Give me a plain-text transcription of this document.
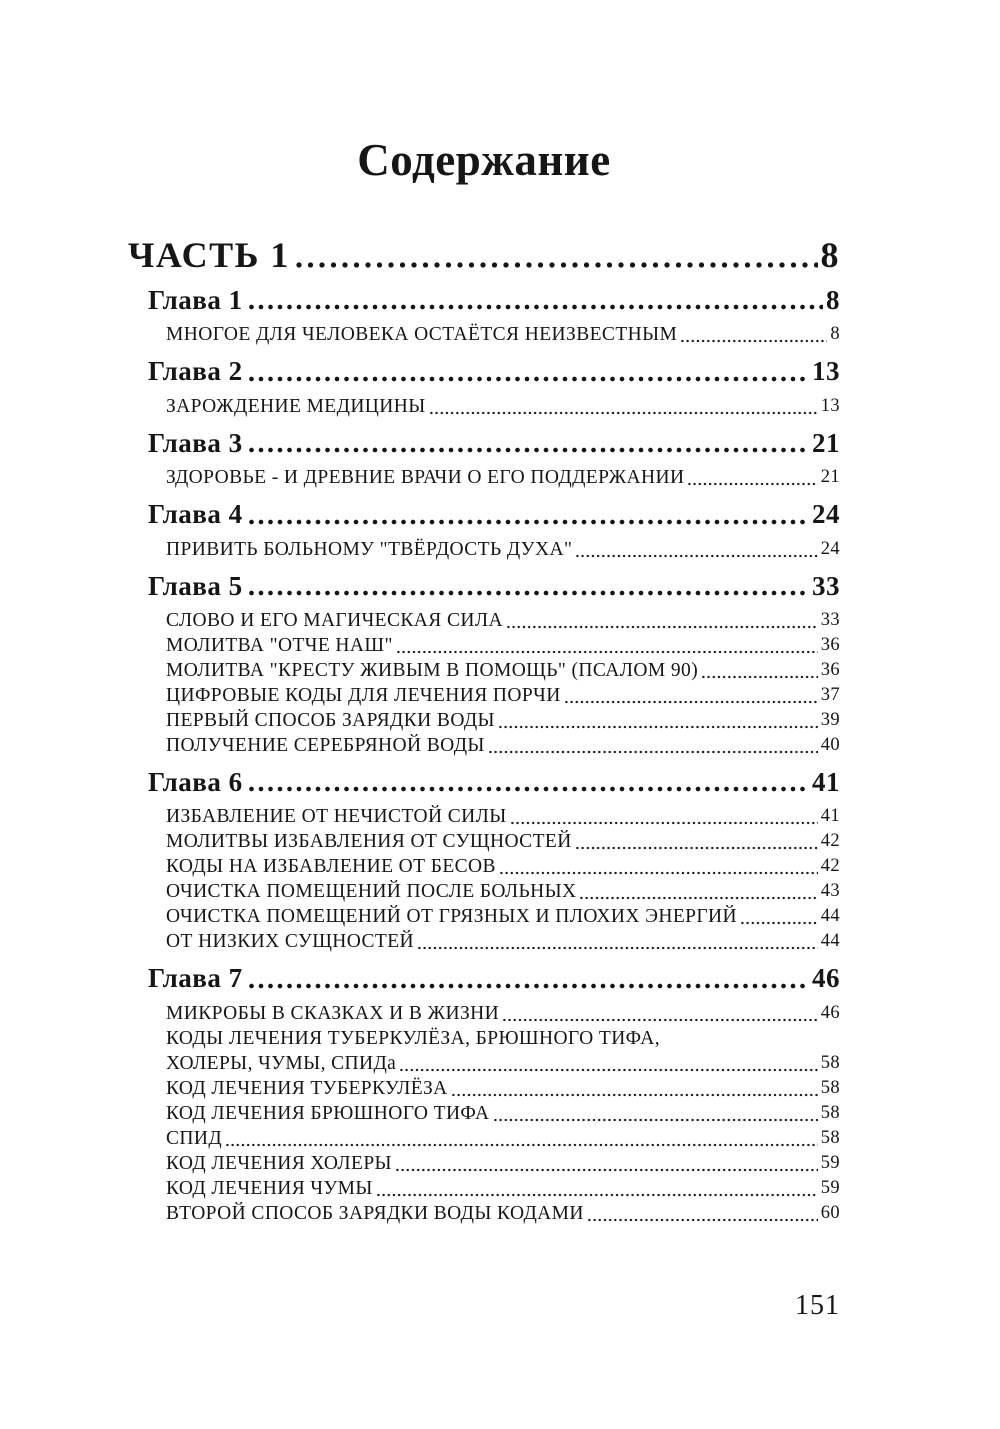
Содержание
ЧАСТЬ 1	8
Глава 1	8
МНОГОЕ ДЛЯ ЧЕЛОВЕКА ОСТАЁТСЯ НЕИЗВЕСТНЫМ	8
Глава 2	13
ЗАРОЖДЕНИЕ МЕДИЦИНЫ	13
Глава 3	21
ЗДОРОВЬЕ - И ДРЕВНИЕ ВРАЧИ О ЕГО ПОДДЕРЖАНИИ	21
Глава 4	24
ПРИВИТЬ БОЛЬНОМУ "ТВЁРДОСТЬ ДУХА"	24
Глава 5	33
СЛОВО И ЕГО МАГИЧЕСКАЯ СИЛА	33
МОЛИТВА "ОТЧЕ НАШ"	36
МОЛИТВА "КРЕСТУ ЖИВЫМ В ПОМОЩЬ" (ПСАЛОМ 90)	36
ЦИФРОВЫЕ КОДЫ ДЛЯ ЛЕЧЕНИЯ ПОРЧИ	37
ПЕРВЫЙ СПОСОБ ЗАРЯДКИ ВОДЫ	39
ПОЛУЧЕНИЕ СЕРЕБРЯНОЙ ВОДЫ	40
Глава 6	41
ИЗБАВЛЕНИЕ ОТ НЕЧИСТОЙ СИЛЫ	41
МОЛИТВЫ ИЗБАВЛЕНИЯ ОТ СУЩНОСТЕЙ	42
КОДЫ НА ИЗБАВЛЕНИЕ ОТ БЕСОВ	42
ОЧИСТКА ПОМЕЩЕНИЙ ПОСЛЕ БОЛЬНЫХ	43
ОЧИСТКА ПОМЕЩЕНИЙ ОТ ГРЯЗНЫХ И ПЛОХИХ ЭНЕРГИЙ	44
ОТ НИЗКИХ СУЩНОСТЕЙ	44
Глава 7	46
МИКРОБЫ В СКАЗКАХ И В ЖИЗНИ	46
КОДЫ ЛЕЧЕНИЯ ТУБЕРКУЛЁЗА, БРЮШНОГО ТИФА,
ХОЛЕРЫ, ЧУМЫ, СПИДа	58
КОД ЛЕЧЕНИЯ ТУБЕРКУЛЁЗА	58
КОД ЛЕЧЕНИЯ БРЮШНОГО ТИФА	58
СПИД	58
КОД ЛЕЧЕНИЯ ХОЛЕРЫ	59
КОД ЛЕЧЕНИЯ ЧУМЫ	59
ВТОРОЙ СПОСОБ ЗАРЯДКИ ВОДЫ КОДАМИ	60
151
